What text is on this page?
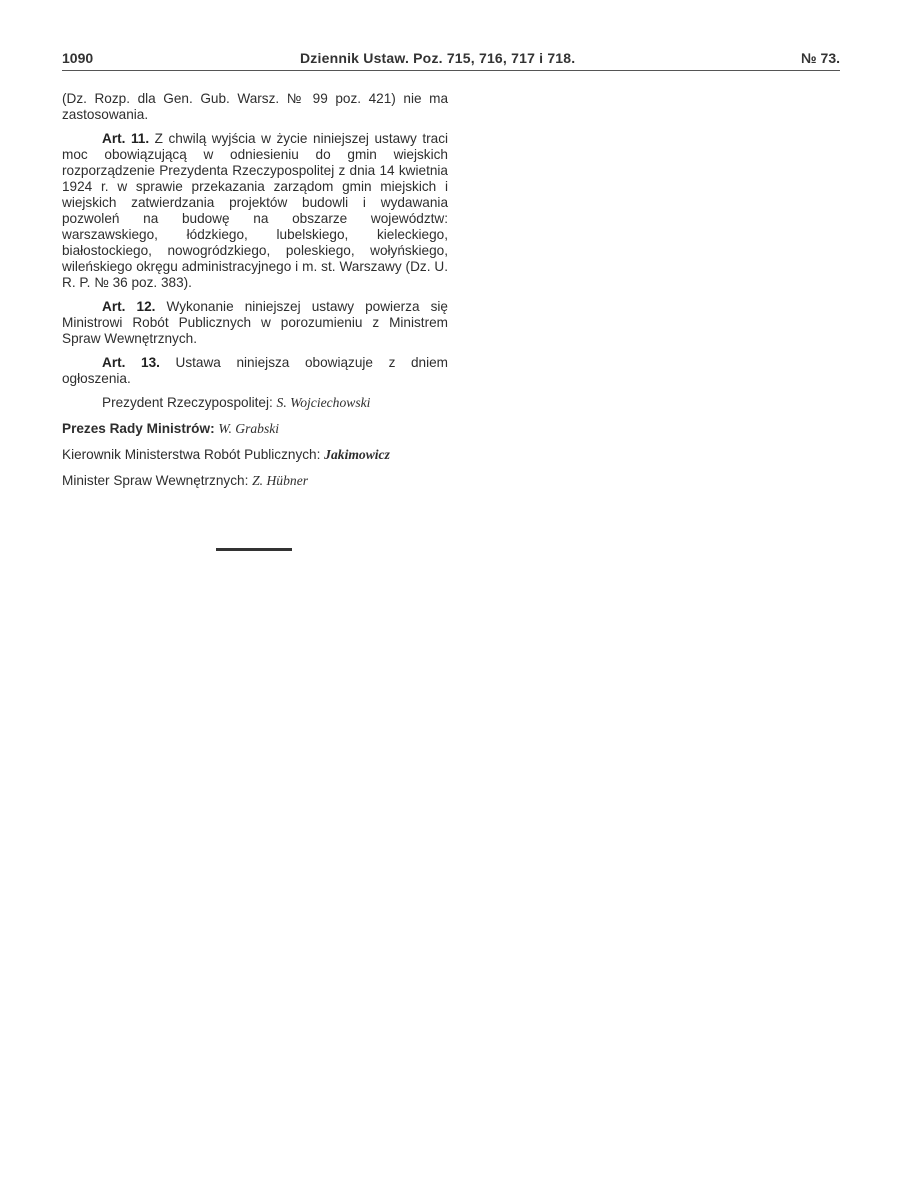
1090	Dziennik Ustaw. Poz. 715, 716, 717 i 718.	№ 73.

(Dz. Rozp. dla Gen. Gub. Warsz. № 99 poz. 421) nie ma zastosowania.

Art. 11. Z chwilą wyjścia w życie niniejszej ustawy traci moc obowiązującą w odniesieniu do gmin wiejskich rozporządzenie Prezydenta Rzeczypospolitej z dnia 14 kwietnia 1924 r. w sprawie przekazania zarządom gmin miejskich i wiejskich zatwierdzania projektów budowli i wydawania pozwoleń na budowę na obszarze województw: warszawskiego, łódzkiego, lubelskiego, kieleckiego, białostockiego, nowogródzkiego, poleskiego, wołyńskiego, wileńskiego okręgu administracyjnego i m. st. Warszawy (Dz. U. R. P. № 36 poz. 383).

Art. 12. Wykonanie niniejszej ustawy powierza się Ministrowi Robót Publicznych w porozumieniu z Ministrem Spraw Wewnętrznych.

Art. 13. Ustawa niniejsza obowiązuje z dniem ogłoszenia.

Prezydent Rzeczypospolitej: S. Wojciechowski

Prezes Rady Ministrów: W. Grabski

Kierownik Ministerstwa Robót Publicznych: Jakimowicz

Minister Spraw Wewnętrznych: Z. Hübner
